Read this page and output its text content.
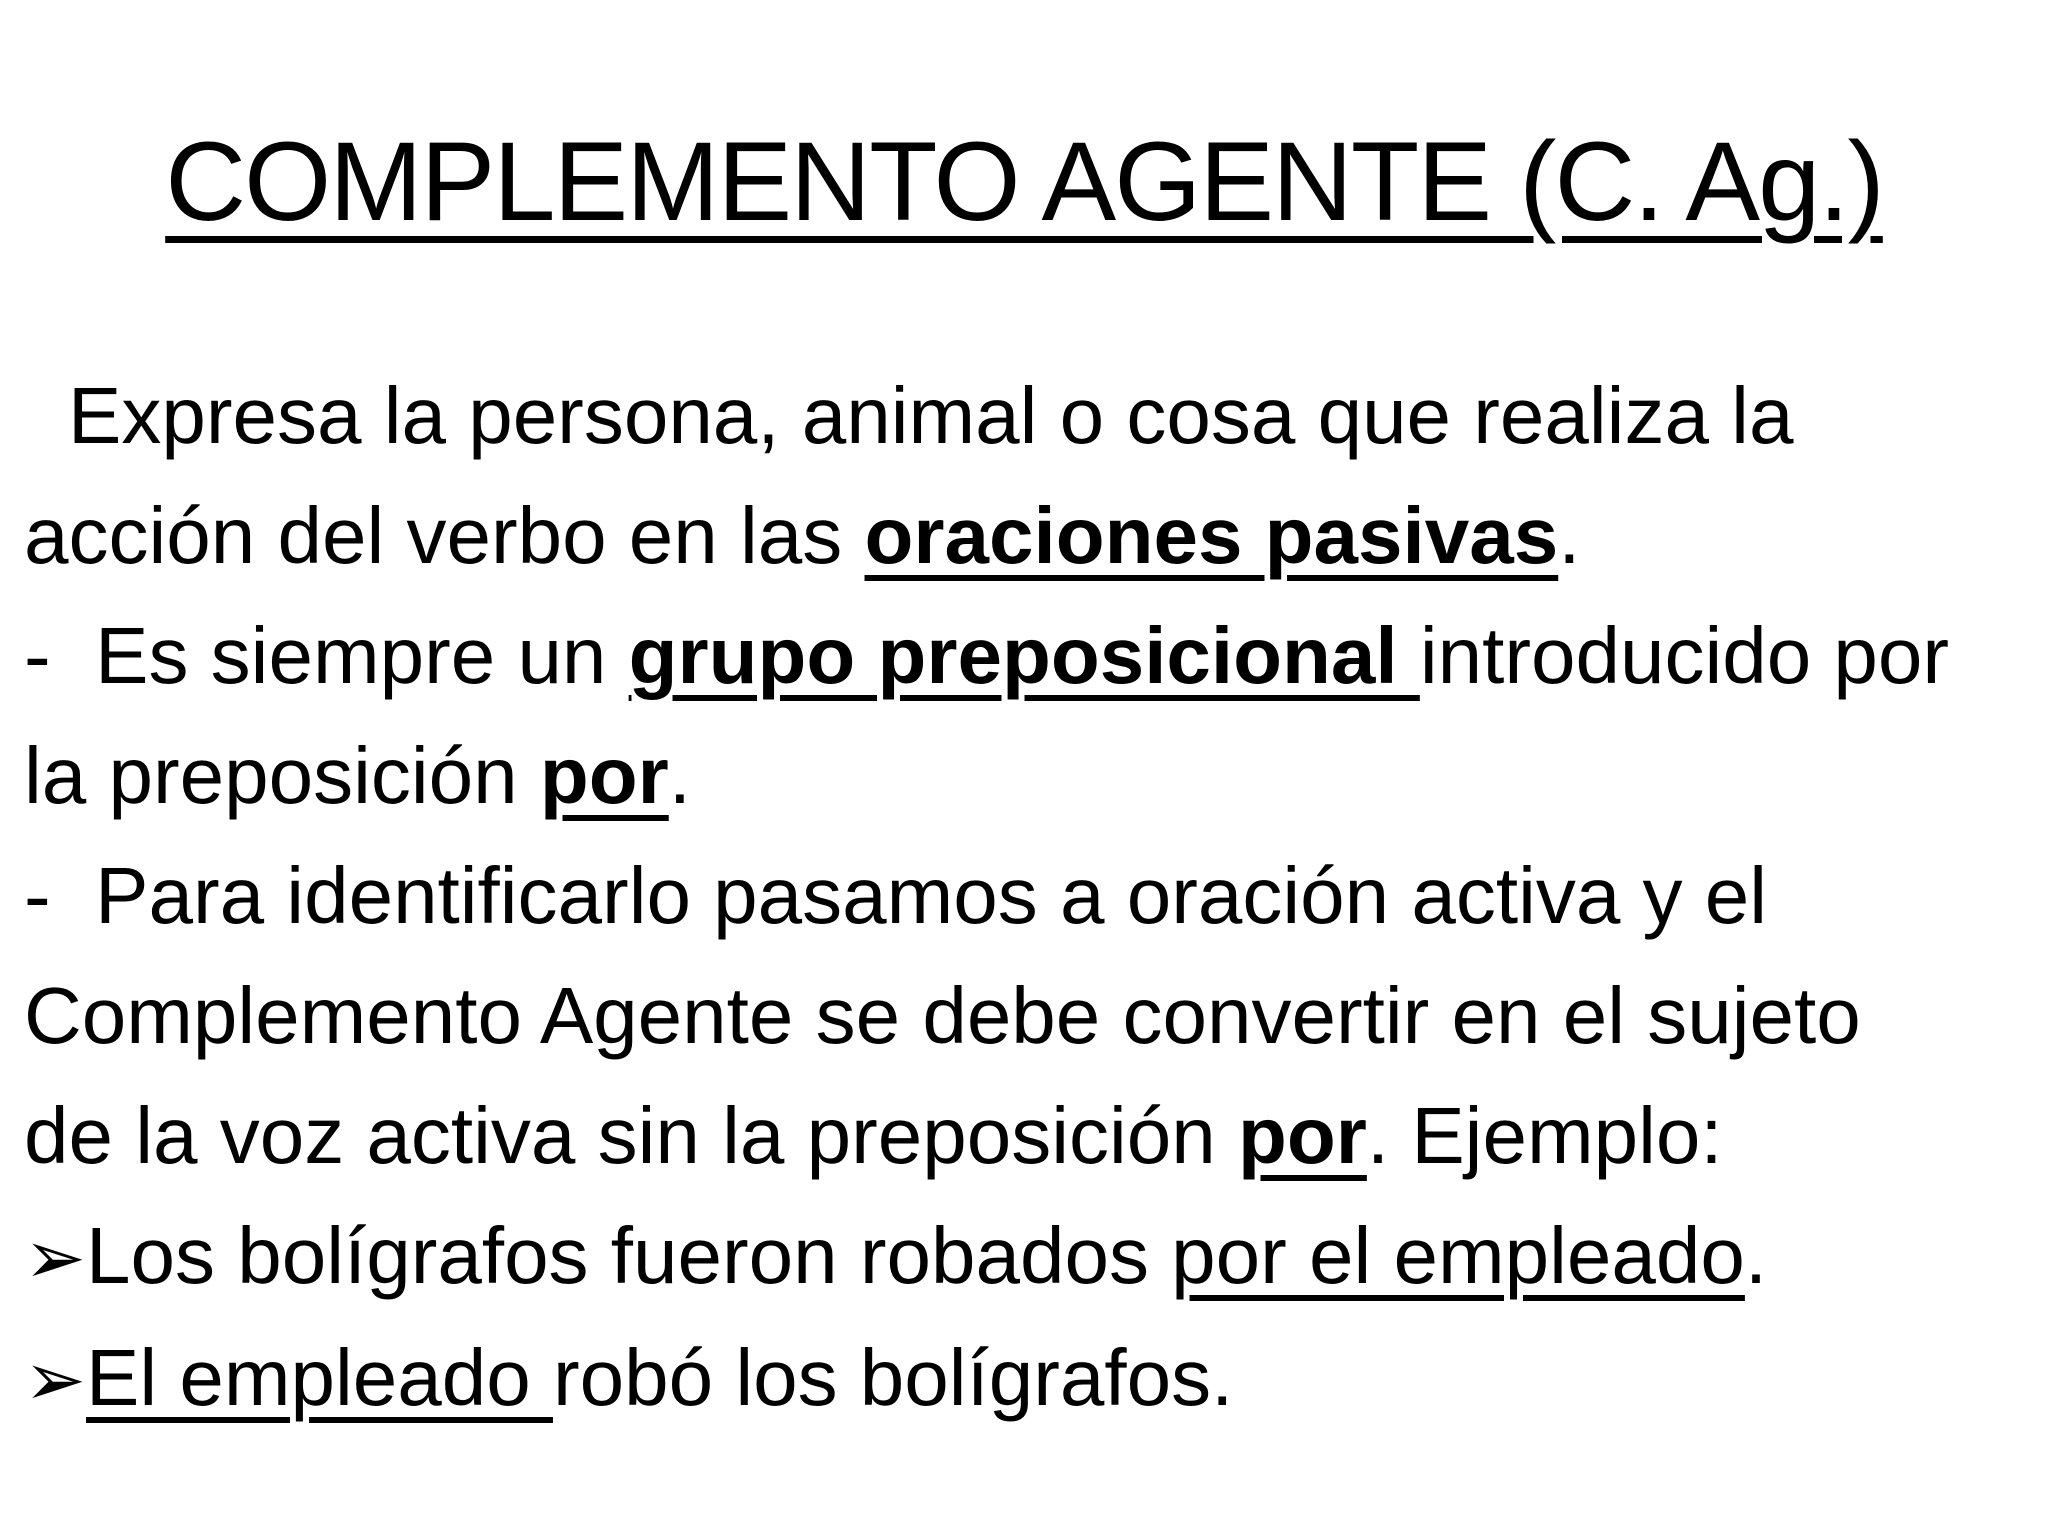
COMPLEMENTO AGENTE (C. Ag.)
Expresa la persona, animal o cosa que realiza la
acción del verbo en las oraciones pasivas.
-  Es siempre un grupo preposicional introducido por
la preposición por.
-  Para identificarlo pasamos a oración activa y el
Complemento Agente se debe convertir en el sujeto
de la voz activa sin la preposición por. Ejemplo:
➢Los bolígrafos fueron robados por el empleado.
➢El empleado robó los bolígrafos.
